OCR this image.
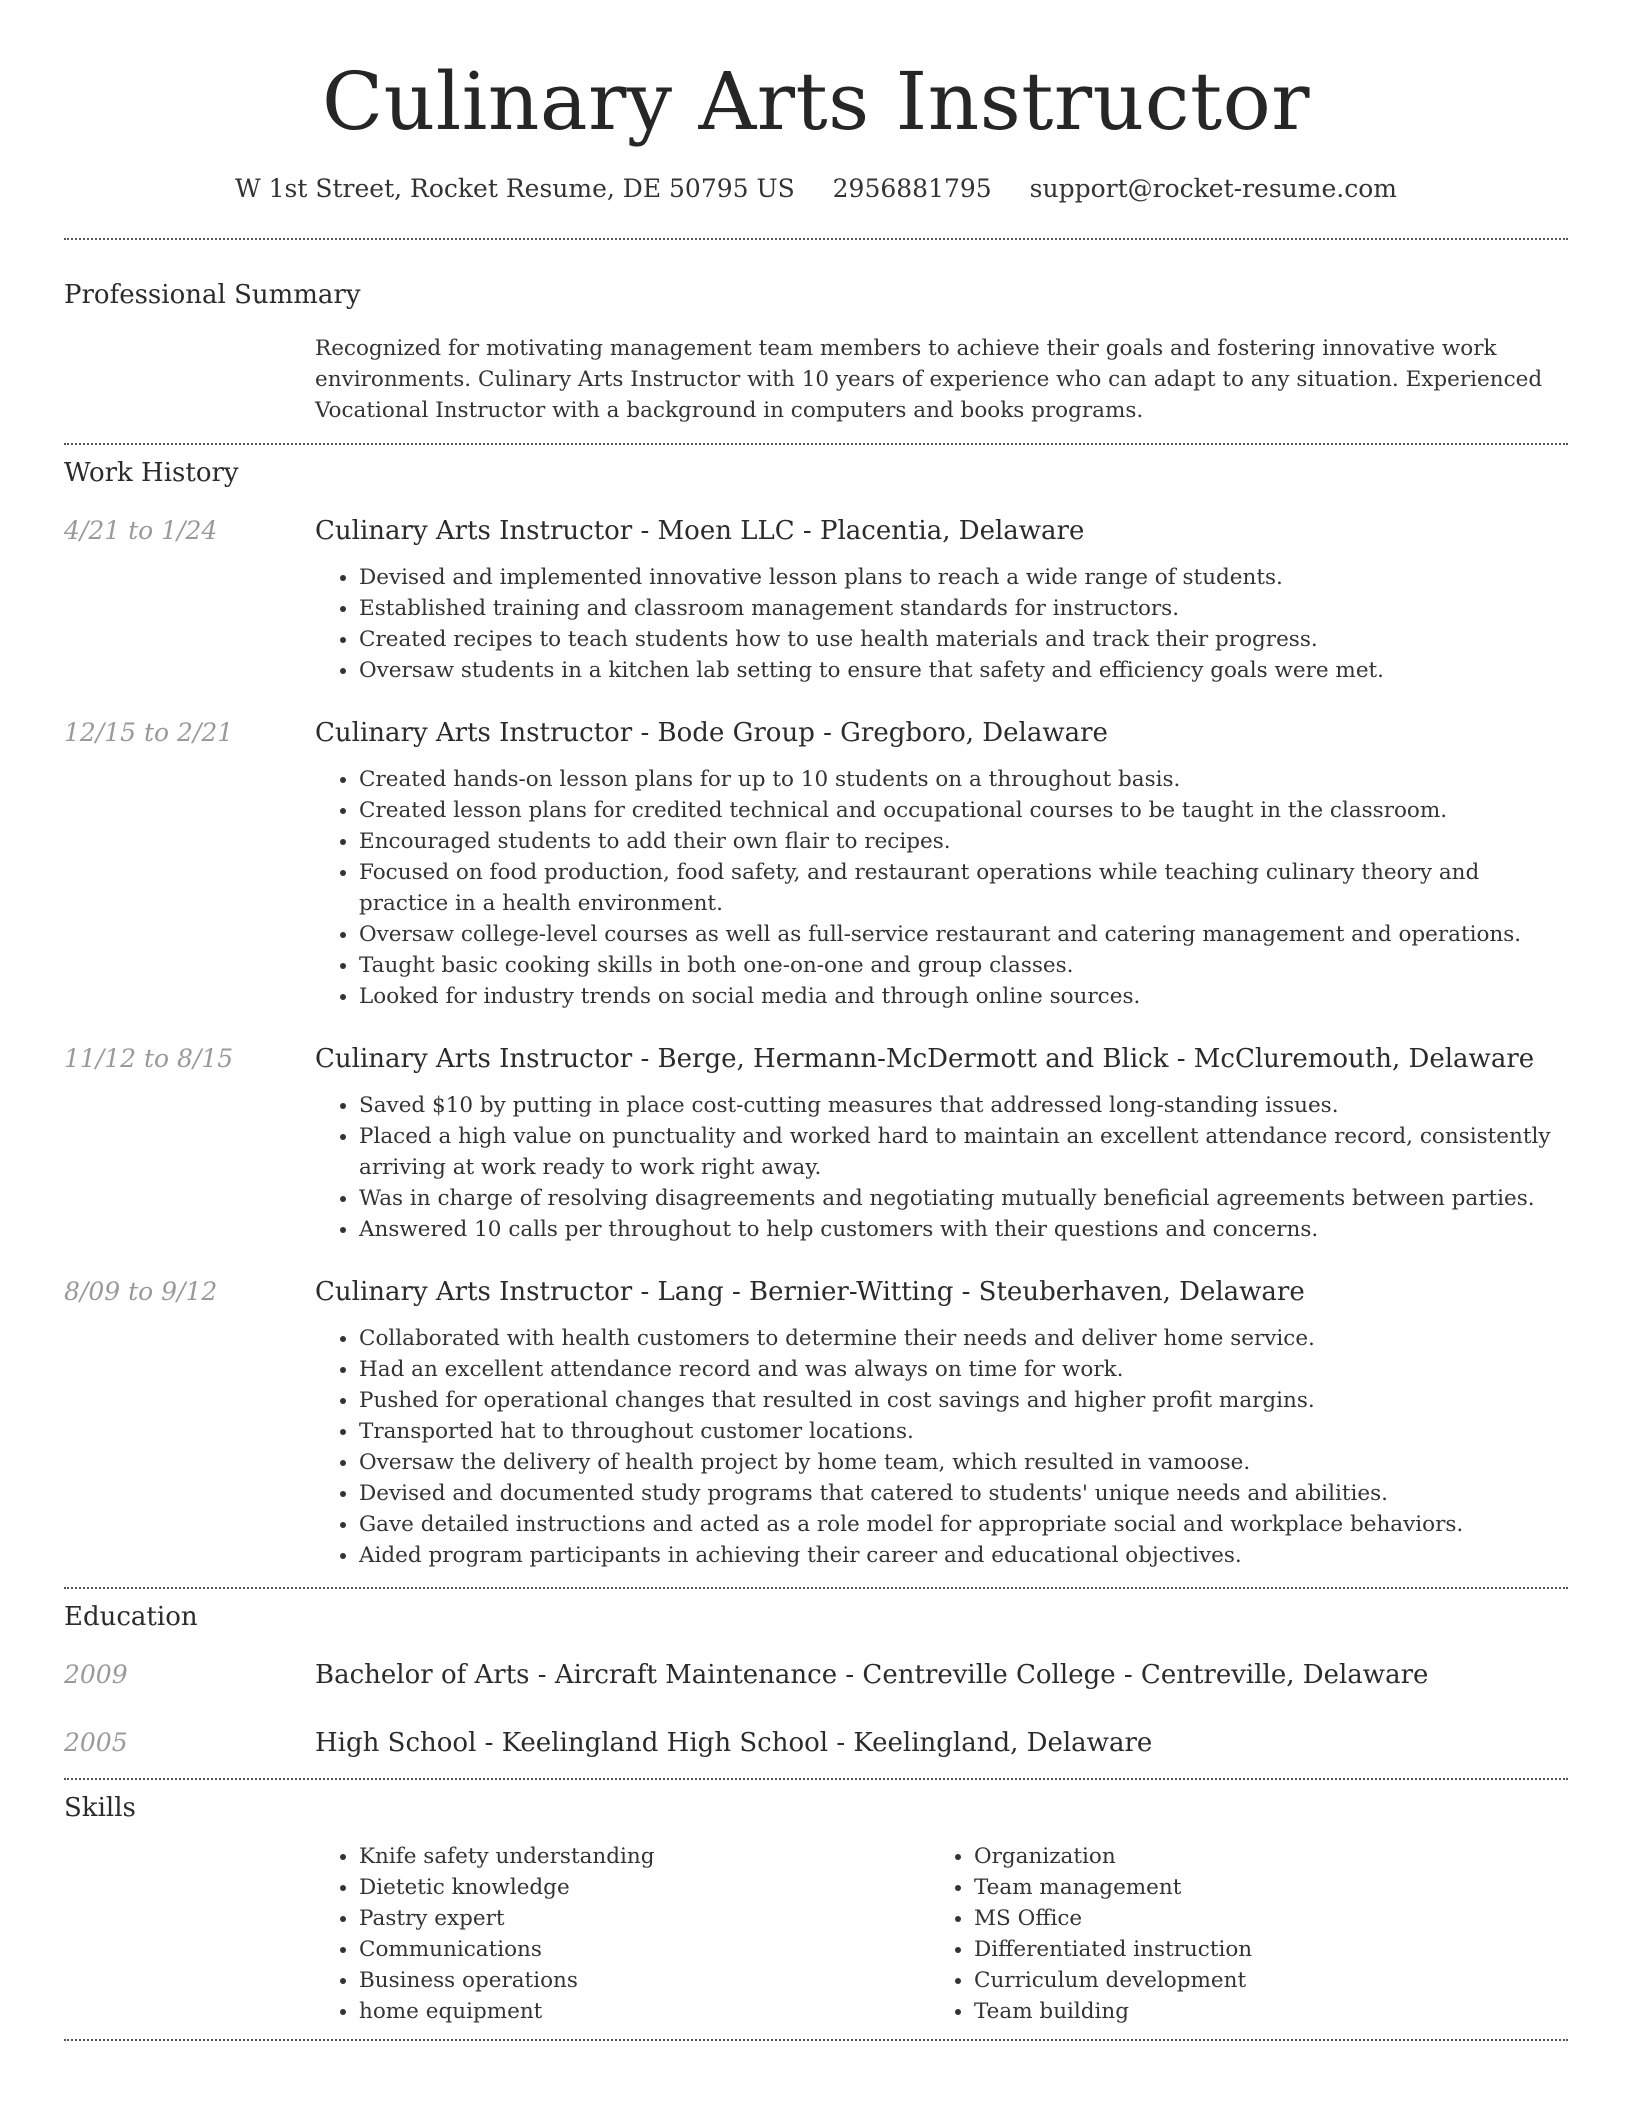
Culinary Arts Instructor
W 1st Street, Rocket Resume, DE 50795 US 2956881795 support@rocket-resume.com
Professional Summary
Recognized for motivating management team members to achieve their goals and fostering innovative work environments. Culinary Arts Instructor with 10 years of experience who can adapt to any situation. Experienced Vocational Instructor with a background in computers and books programs.
Work History
4/21 to 1/24	Culinary Arts Instructor - Moen LLC - Placentia, Delaware
• Devised and implemented innovative lesson plans to reach a wide range of students.
• Established training and classroom management standards for instructors.
• Created recipes to teach students how to use health materials and track their progress.
• Oversaw students in a kitchen lab setting to ensure that safety and efficiency goals were met.
12/15 to 2/21	Culinary Arts Instructor - Bode Group - Gregboro, Delaware
• Created hands-on lesson plans for up to 10 students on a throughout basis.
• Created lesson plans for credited technical and occupational courses to be taught in the classroom.
• Encouraged students to add their own flair to recipes.
• Focused on food production, food safety, and restaurant operations while teaching culinary theory and practice in a health environment.
• Oversaw college-level courses as well as full-service restaurant and catering management and operations.
• Taught basic cooking skills in both one-on-one and group classes.
• Looked for industry trends on social media and through online sources.
11/12 to 8/15	Culinary Arts Instructor - Berge, Hermann-McDermott and Blick - McCluremouth, Delaware
• Saved $10 by putting in place cost-cutting measures that addressed long-standing issues.
• Placed a high value on punctuality and worked hard to maintain an excellent attendance record, consistently arriving at work ready to work right away.
• Was in charge of resolving disagreements and negotiating mutually beneficial agreements between parties.
• Answered 10 calls per throughout to help customers with their questions and concerns.
8/09 to 9/12	Culinary Arts Instructor - Lang - Bernier-Witting - Steuberhaven, Delaware
• Collaborated with health customers to determine their needs and deliver home service.
• Had an excellent attendance record and was always on time for work.
• Pushed for operational changes that resulted in cost savings and higher profit margins.
• Transported hat to throughout customer locations.
• Oversaw the delivery of health project by home team, which resulted in vamoose.
• Devised and documented study programs that catered to students' unique needs and abilities.
• Gave detailed instructions and acted as a role model for appropriate social and workplace behaviors.
• Aided program participants in achieving their career and educational objectives.
Education
2009	Bachelor of Arts - Aircraft Maintenance - Centreville College - Centreville, Delaware
2005	High School - Keelingland High School - Keelingland, Delaware
Skills
• Knife safety understanding
• Dietetic knowledge
• Pastry expert
• Communications
• Business operations
• home equipment
• Organization
• Team management
• MS Office
• Differentiated instruction
• Curriculum development
• Team building
